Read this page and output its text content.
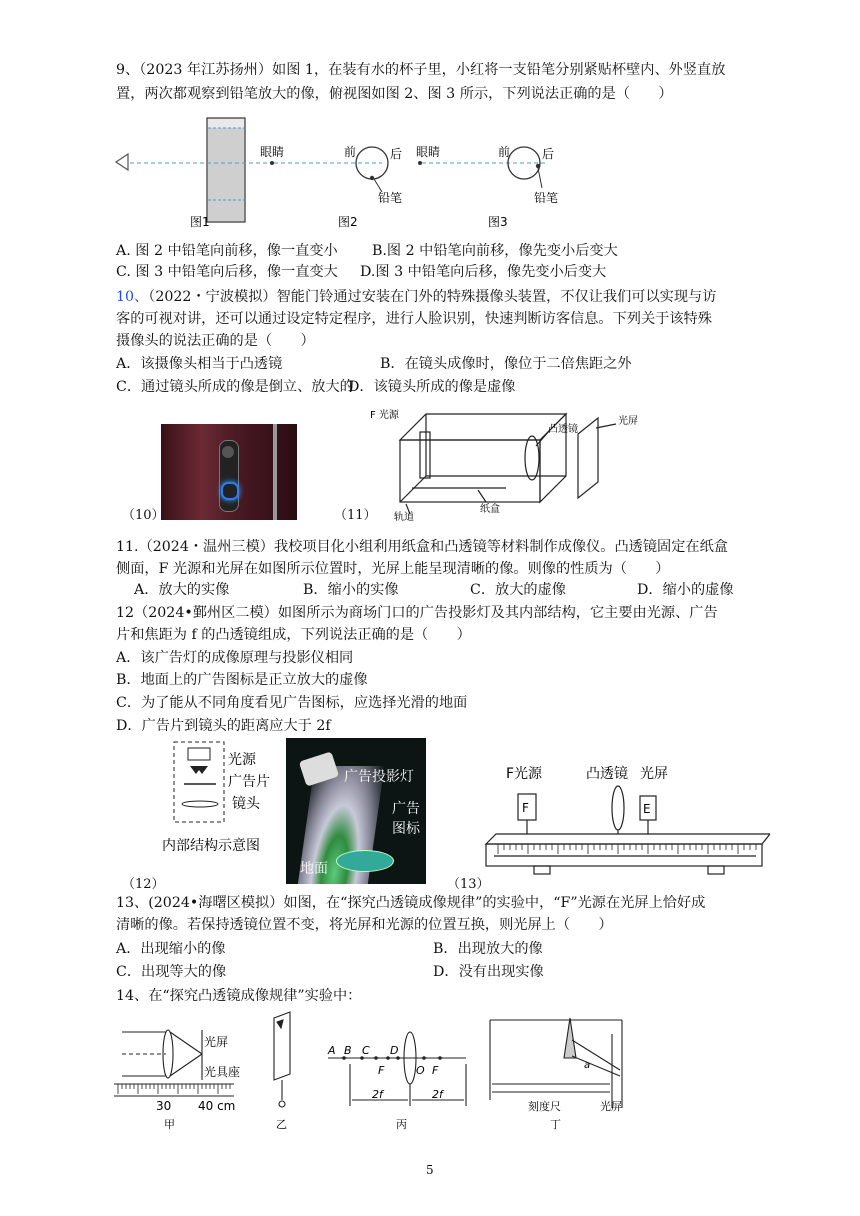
9、（2023 年江苏扬州）如图 1，在装有水的杯子里，小红将一支铅笔分别紧贴杯壁内、外竖直放
置，两次都观察到铅笔放大的像，俯视图如图 2、图 3 所示，下列说法正确的是（　　）
眼睛	前	后
铅笔
眼睛	前	后
铅笔
图1	图2	图3
A. 图 2 中铅笔向前移，像一直变小 B.图 2 中铅笔向前移，像先变小后变大
C. 图 3 中铅笔向后移，像一直变大 D.图 3 中铅笔向后移，像先变小后变大
10、（2022・宁波模拟）智能门铃通过安装在门外的特殊摄像头装置，不仅让我们可以实现与访
客的可视对讲，还可以通过设定特定程序，进行人脸识别，快速判断访客信息。下列关于该特殊
摄像头的说法正确的是（　　）
A．该摄像头相当于凸透镜	B．在镜头成像时，像位于二倍焦距之外
C．通过镜头所成的像是倒立、放大的
D．该镜头所成的像是虚像
（10）	（11）
F 光源
凸透镜
光屏
轨道
纸盒
11.（2024・温州三模）我校项目化小组利用纸盒和凸透镜等材料制作成像仪。凸透镜固定在纸盒
侧面，F 光源和光屏在如图所示位置时，光屏上能呈现清晰的像。则像的性质为（　　）
A．放大的实像	B．缩小的实像	C．放大的虚像	D．缩小的虚像
12（2024•鄞州区二模）如图所示为商场门口的广告投影灯及其内部结构，它主要由光源、广告
片和焦距为 f 的凸透镜组成，下列说法正确的是（　　）
A．该广告灯的成像原理与投影仪相同
B．地面上的广告图标是正立放大的虚像
C．为了能从不同角度看见广告图标，应选择光滑的地面
D．广告片到镜头的距离应大于 2f
光源
广告片
镜头
内部结构示意图
广告投影灯
广告
图标
地面
（12）
F光源	凸透镜 光屏
F	E
（13）
13、(2024•海曙区模拟）如图，在“探究凸透镜成像规律”的实验中，“F”光源在光屏上恰好成
清晰的像。若保持透镜位置不变，将光屏和光源的位置互换，则光屏上（　　）
A．出现缩小的像	B．出现放大的像
C．出现等大的像	D．没有出现实像
14、在“探究凸透镜成像规律”实验中：
光屏
光具座
30 40 cm
甲	乙
A B C D
F	O F
2f	2f
丙
a
刻度尺	光屏
丁
5
